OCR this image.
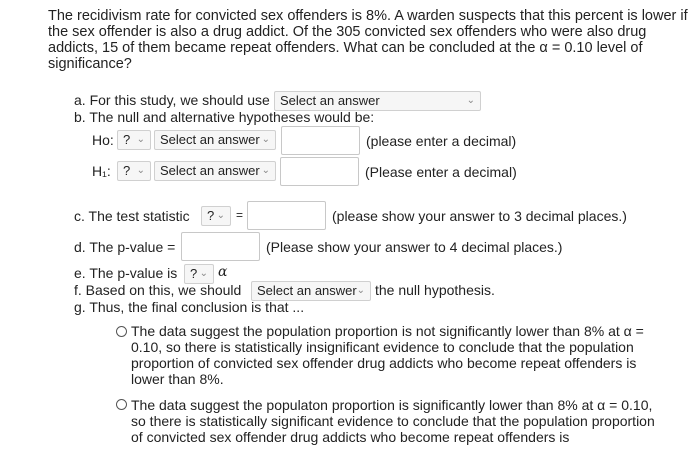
The recidivism rate for convicted sex offenders is 8%. A warden suspects that this percent is lower if the sex offender is also a drug addict. Of the 305 convicted sex offenders who were also drug addicts, 15 of them became repeat offenders. What can be concluded at the α = 0.10 level of significance?
a. For this study, we should use Select an answer	⌄
b. The null and alternative hypotheses would be:
Ho: ? ⌄	Select an answer ⌄	(please enter a decimal)
H₁: ? ⌄	Select an answer ⌄	(Please enter a decimal)
c. The test statistic	? ⌄ =	(please show your answer to 3 decimal places.)
d. The p-value =	(Please show your answer to 4 decimal places.)
e. The p-value is ? ⌄ α
f. Based on this, we should	Select an answer ⌄ the null hypothesis.
g. Thus, the final conclusion is that ...
The data suggest the population proportion is not significantly lower than 8% at α = 0.10, so there is statistically insignificant evidence to conclude that the population proportion of convicted sex offender drug addicts who become repeat offenders is lower than 8%.
The data suggest the populaton proportion is significantly lower than 8% at α = 0.10, so there is statistically significant evidence to conclude that the population proportion of convicted sex offender drug addicts who become repeat offenders is
